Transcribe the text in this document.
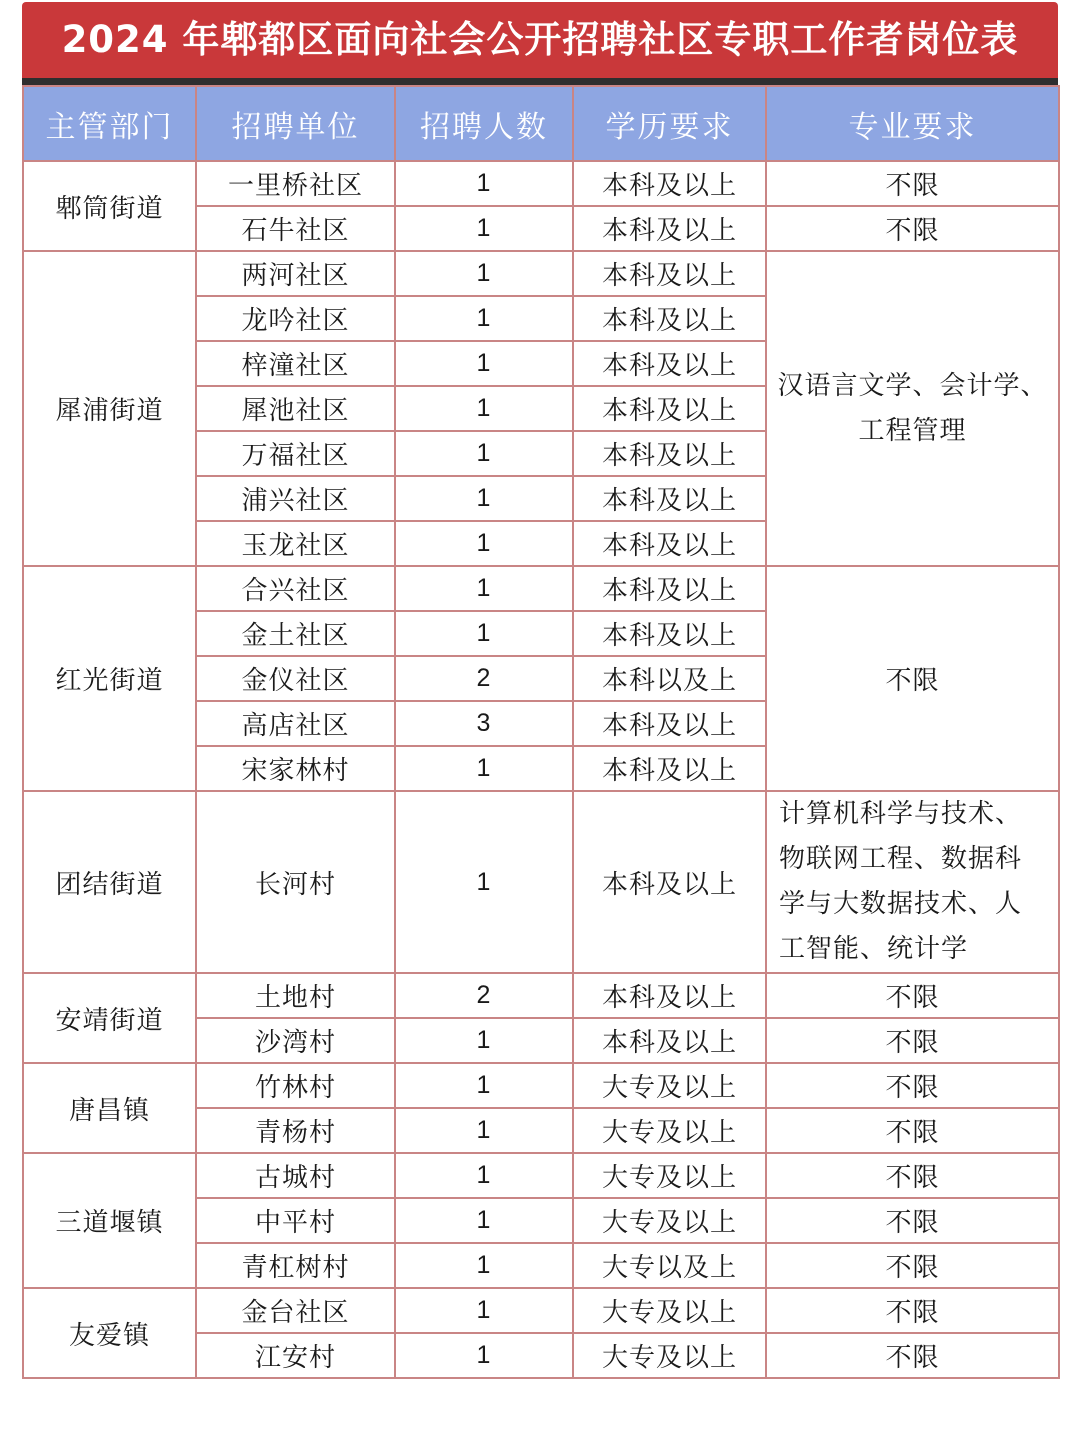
2024 年郫都区面向社会公开招聘社区专职工作者岗位表
主管部门	招聘单位	招聘人数	学历要求	专业要求
郫筒街道	一里桥社区	1	本科及以上	不限
	石牛社区	1	本科及以上	不限
犀浦街道	两河社区	1	本科及以上	汉语言文学、会计学、工程管理
	龙吟社区	1	本科及以上	
	梓潼社区	1	本科及以上	
	犀池社区	1	本科及以上	
	万福社区	1	本科及以上	
	浦兴社区	1	本科及以上	
	玉龙社区	1	本科及以上	
红光街道	合兴社区	1	本科及以上	不限
	金土社区	1	本科及以上	
	金仪社区	2	本科以及上	
	高店社区	3	本科及以上	
	宋家林村	1	本科及以上	
团结街道	长河村	1	本科及以上	计算机科学与技术、物联网工程、数据科学与大数据技术、人工智能、统计学
安靖街道	土地村	2	本科及以上	不限
	沙湾村	1	本科及以上	不限
唐昌镇	竹林村	1	大专及以上	不限
	青杨村	1	大专及以上	不限
三道堰镇	古城村	1	大专及以上	不限
	中平村	1	大专及以上	不限
	青杠树村	1	大专以及上	不限
友爱镇	金台社区	1	大专及以上	不限
	江安村	1	大专及以上	不限
